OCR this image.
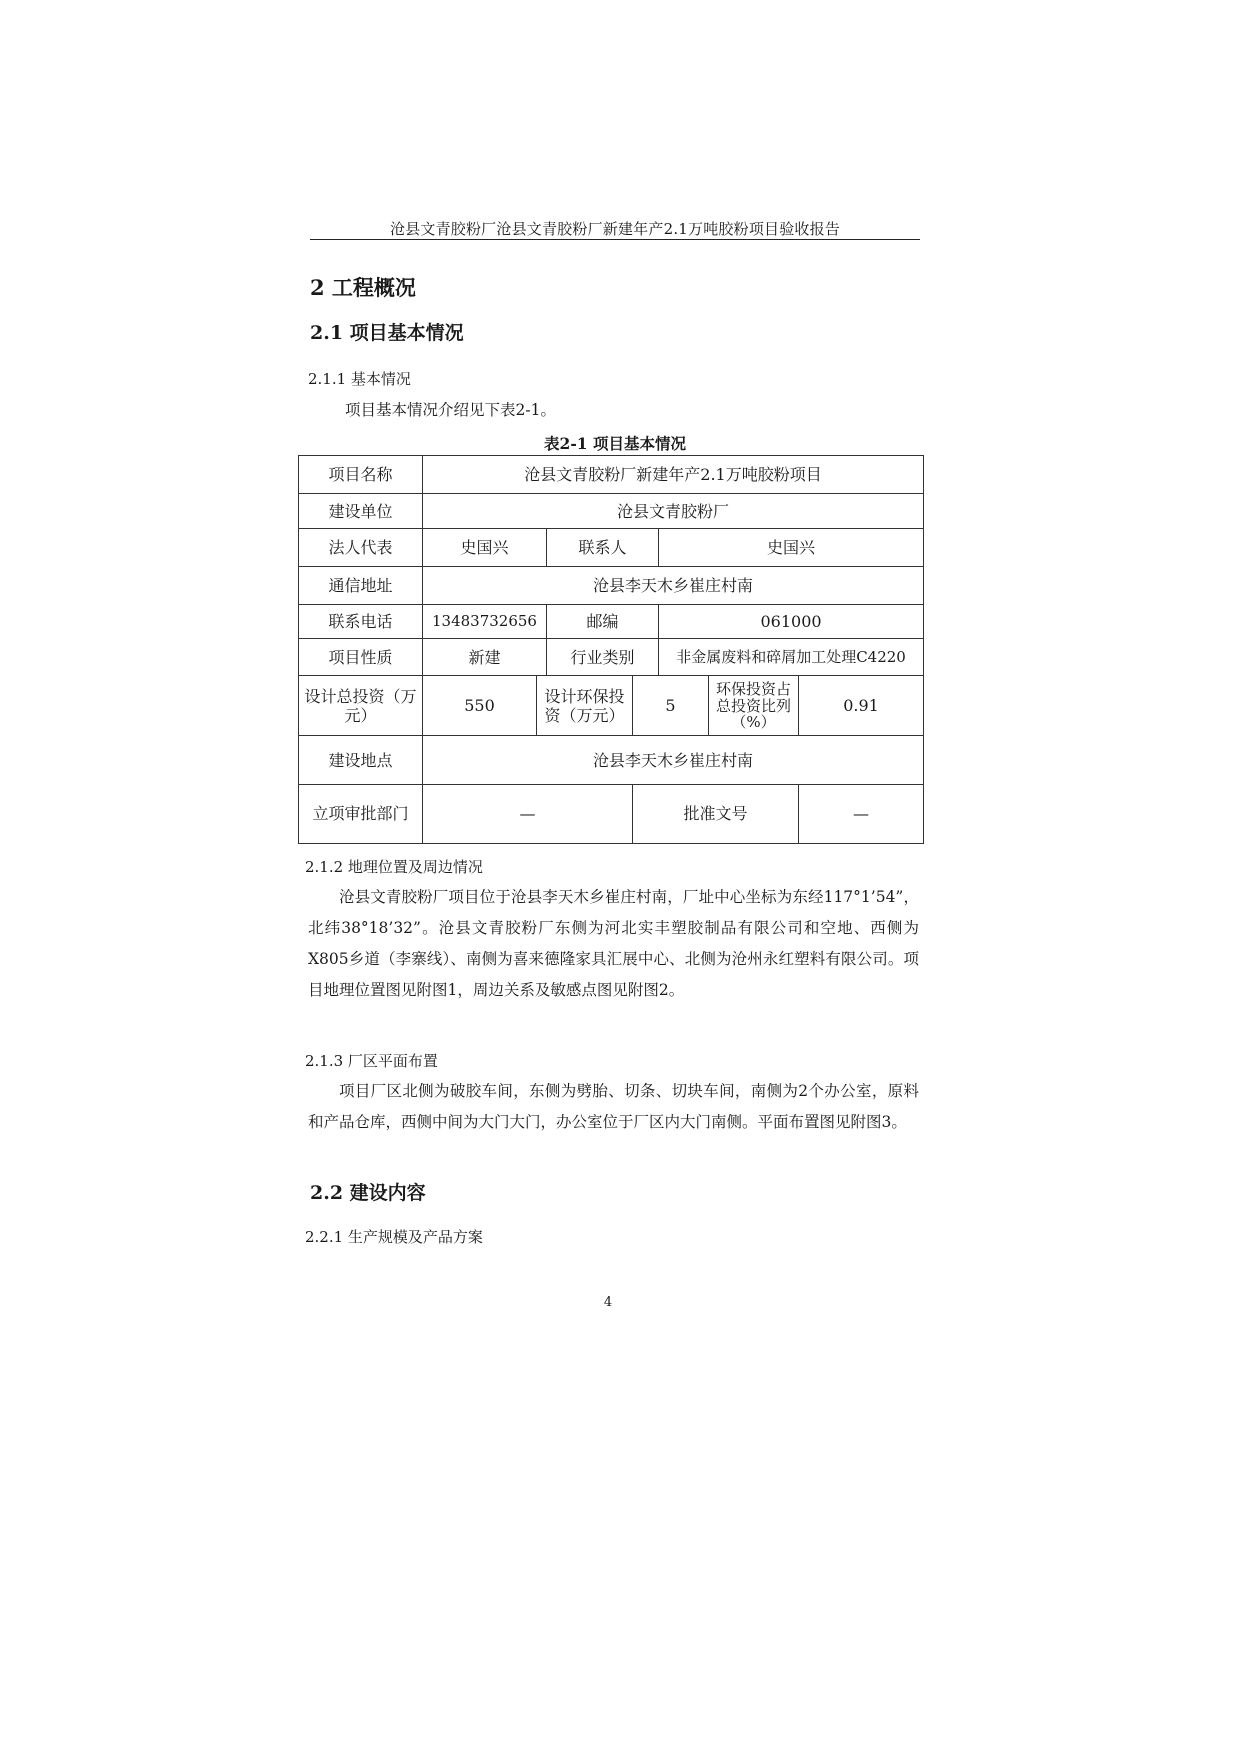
沧县文青胶粉厂沧县文青胶粉厂新建年产2.1万吨胶粉项目验收报告
2 工程概况
2.1 项目基本情况
2.1.1 基本情况
项目基本情况介绍见下表2-1。
表2-1 项目基本情况
项目名称	沧县文青胶粉厂新建年产2.1万吨胶粉项目						
建设单位	沧县文青胶粉厂						
法人代表	史国兴		联系人		史国兴		
通信地址	沧县李天木乡崔庄村南						
联系电话	13483732656		邮编		061000		
项目性质	新建		行业类别		非金属废料和碎屑加工处理C4220		
设计总投资（万元）	550	设计环保投资（万元）		5		环保投资占总投资比列（%）	0.91
建设地点	沧县李天木乡崔庄村南						
立项审批部门	—			批准文号			—
2.1.2 地理位置及周边情况

沧县文青胶粉厂项目位于沧县李天木乡崔庄村南，厂址中心坐标为东经117°1’54”，北纬38°18’32”。沧县文青胶粉厂东侧为河北实丰塑胶制品有限公司和空地、西侧为X805乡道（李寨线）、南侧为喜来德隆家具汇展中心、北侧为沧州永红塑料有限公司。项目地理位置图见附图1，周边关系及敏感点图见附图2。

2.1.3 厂区平面布置

项目厂区北侧为破胶车间，东侧为劈胎、切条、切块车间，南侧为2个办公室，原料和产品仓库，西侧中间为大门大门，办公室位于厂区内大门南侧。平面布置图见附图3。

2.2 建设内容
2.2.1 生产规模及产品方案
4
